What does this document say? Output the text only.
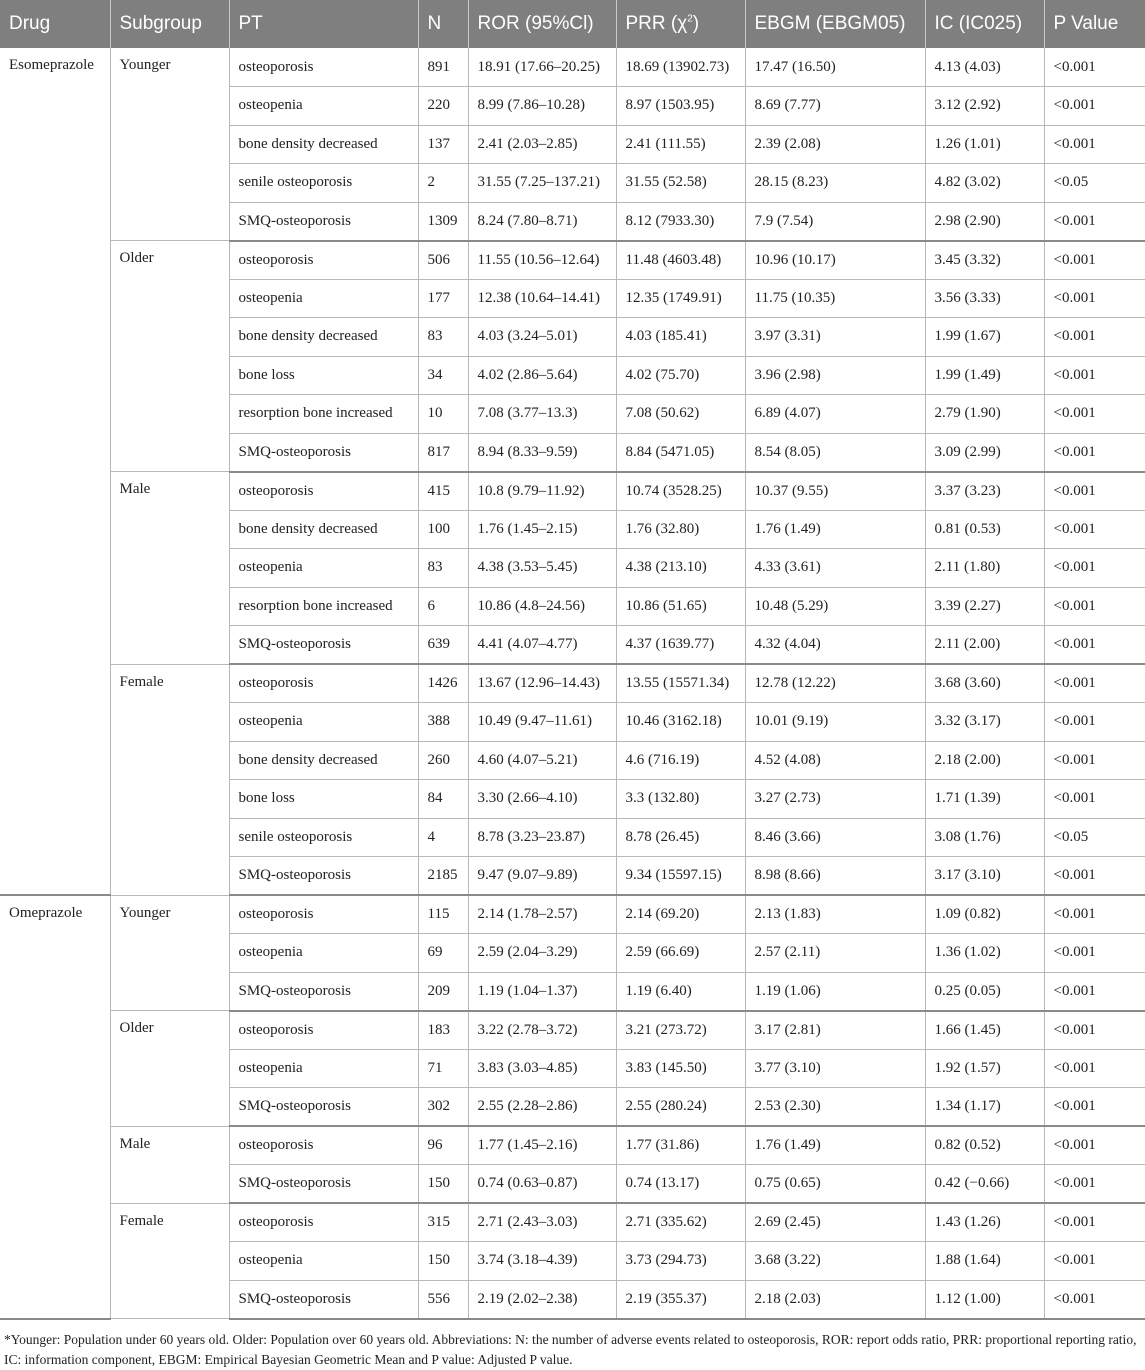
Drug	Subgroup	PT	N	ROR (95%Cl)	PRR $(\chi^2)$	EBGM (EBGM05)	IC (IC025)	P Value
Esomeprazole	Younger	osteoporosis	891	18.91 (17.66–20.25)	18.69 (13902.73)	17.47 (16.50)	4.13 (4.03)	<0.001
		osteopenia	220	8.99 (7.86–10.28)	8.97 (1503.95)	8.69 (7.77)	3.12 (2.92)	<0.001
		bone density decreased	137	2.41 (2.03–2.85)	2.41 (111.55)	2.39 (2.08)	1.26 (1.01)	<0.001
		senile osteoporosis	2	31.55 (7.25–137.21)	31.55 (52.58)	28.15 (8.23)	4.82 (3.02)	<0.05
		SMQ-osteoporosis	1309	8.24 (7.80–8.71)	8.12 (7933.30)	7.9 (7.54)	2.98 (2.90)	<0.001
	Older	osteoporosis	506	11.55 (10.56–12.64)	11.48 (4603.48)	10.96 (10.17)	3.45 (3.32)	<0.001
		osteopenia	177	12.38 (10.64–14.41)	12.35 (1749.91)	11.75 (10.35)	3.56 (3.33)	<0.001
		bone density decreased	83	4.03 (3.24–5.01)	4.03 (185.41)	3.97 (3.31)	1.99 (1.67)	<0.001
		bone loss	34	4.02 (2.86–5.64)	4.02 (75.70)	3.96 (2.98)	1.99 (1.49)	<0.001
		resorption bone increased	10	7.08 (3.77–13.3)	7.08 (50.62)	6.89 (4.07)	2.79 (1.90)	<0.001
		SMQ-osteoporosis	817	8.94 (8.33–9.59)	8.84 (5471.05)	8.54 (8.05)	3.09 (2.99)	<0.001
	Male	osteoporosis	415	10.8 (9.79–11.92)	10.74 (3528.25)	10.37 (9.55)	3.37 (3.23)	<0.001
		bone density decreased	100	1.76 (1.45–2.15)	1.76 (32.80)	1.76 (1.49)	0.81 (0.53)	<0.001
		osteopenia	83	4.38 (3.53–5.45)	4.38 (213.10)	4.33 (3.61)	2.11 (1.80)	<0.001
		resorption bone increased	6	10.86 (4.8–24.56)	10.86 (51.65)	10.48 (5.29)	3.39 (2.27)	<0.001
		SMQ-osteoporosis	639	4.41 (4.07–4.77)	4.37 (1639.77)	4.32 (4.04)	2.11 (2.00)	<0.001
	Female	osteoporosis	1426	13.67 (12.96–14.43)	13.55 (15571.34)	12.78 (12.22)	3.68 (3.60)	<0.001
		osteopenia	388	10.49 (9.47–11.61)	10.46 (3162.18)	10.01 (9.19)	3.32 (3.17)	<0.001
		bone density decreased	260	4.60 (4.07–5.21)	4.6 (716.19)	4.52 (4.08)	2.18 (2.00)	<0.001
		bone loss	84	3.30 (2.66–4.10)	3.3 (132.80)	3.27 (2.73)	1.71 (1.39)	<0.001
		senile osteoporosis	4	8.78 (3.23–23.87)	8.78 (26.45)	8.46 (3.66)	3.08 (1.76)	<0.05
		SMQ-osteoporosis	2185	9.47 (9.07–9.89)	9.34 (15597.15)	8.98 (8.66)	3.17 (3.10)	<0.001
Omeprazole	Younger	osteoporosis	115	2.14 (1.78–2.57)	2.14 (69.20)	2.13 (1.83)	1.09 (0.82)	<0.001
		osteopenia	69	2.59 (2.04–3.29)	2.59 (66.69)	2.57 (2.11)	1.36 (1.02)	<0.001
		SMQ-osteoporosis	209	1.19 (1.04–1.37)	1.19 (6.40)	1.19 (1.06)	0.25 (0.05)	<0.001
	Older	osteoporosis	183	3.22 (2.78–3.72)	3.21 (273.72)	3.17 (2.81)	1.66 (1.45)	<0.001
		osteopenia	71	3.83 (3.03–4.85)	3.83 (145.50)	3.77 (3.10)	1.92 (1.57)	<0.001
		SMQ-osteoporosis	302	2.55 (2.28–2.86)	2.55 (280.24)	2.53 (2.30)	1.34 (1.17)	<0.001
	Male	osteoporosis	96	1.77 (1.45–2.16)	1.77 (31.86)	1.76 (1.49)	0.82 (0.52)	<0.001
		SMQ-osteoporosis	150	0.74 (0.63–0.87)	0.74 (13.17)	0.75 (0.65)	0.42 (−0.66)	<0.001
	Female	osteoporosis	315	2.71 (2.43–3.03)	2.71 (335.62)	2.69 (2.45)	1.43 (1.26)	<0.001
		osteopenia	150	3.74 (3.18–4.39)	3.73 (294.73)	3.68 (3.22)	1.88 (1.64)	<0.001
		SMQ-osteoporosis	556	2.19 (2.02–2.38)	2.19 (355.37)	2.18 (2.03)	1.12 (1.00)	<0.001
*Younger: Population under 60 years old. Older: Population over 60 years old. Abbreviations: N: the number of adverse events related to osteoporosis, ROR: report odds ratio, PRR: proportional reporting ratio, IC: information component, EBGM: Empirical Bayesian Geometric Mean and P value: Adjusted P value.
